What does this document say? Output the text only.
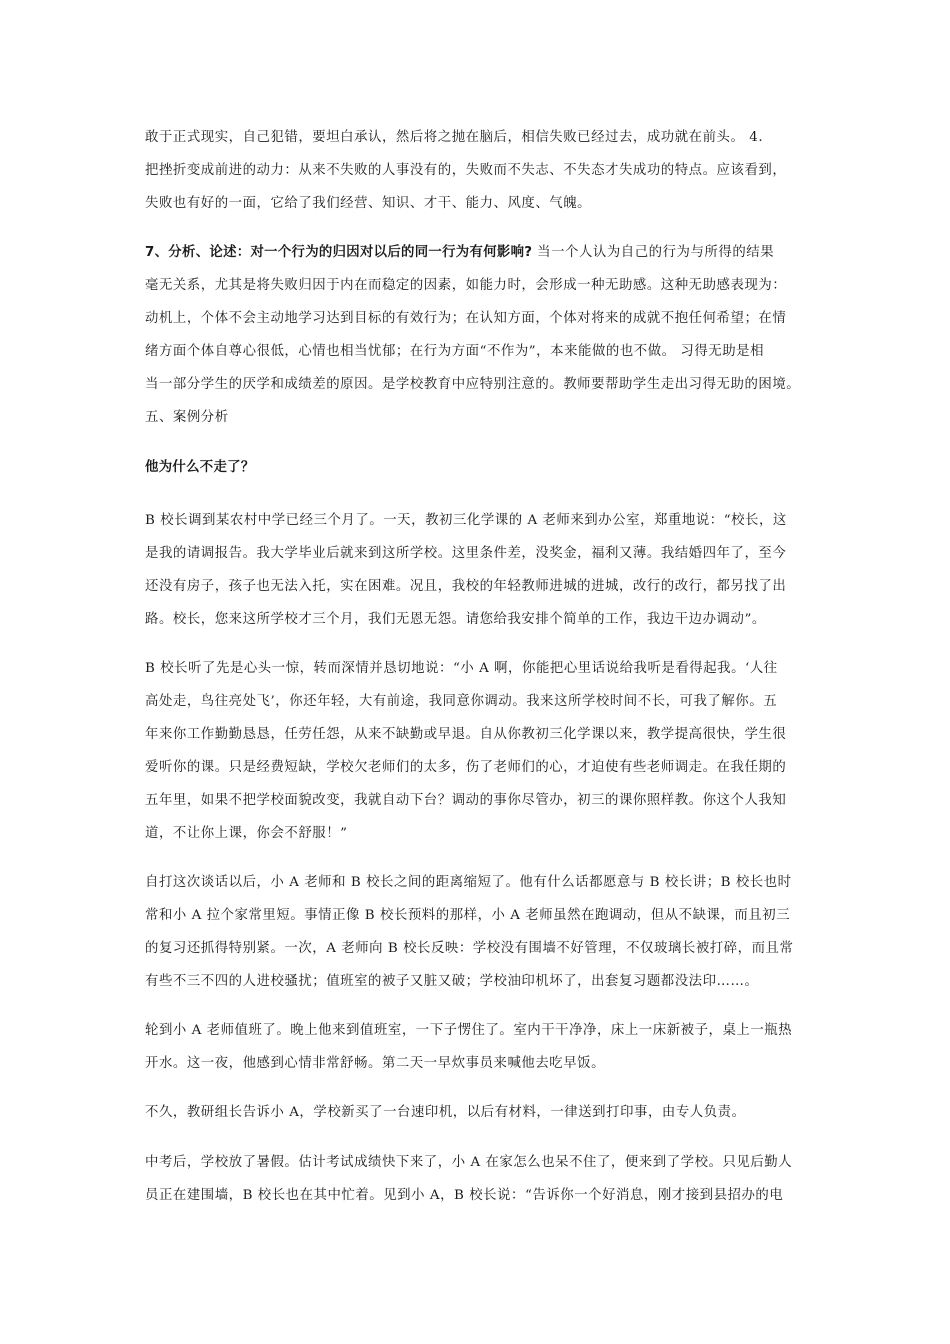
敢于正式现实，自己犯错，要坦白承认，然后将之抛在脑后，相信失败已经过去，成功就在前头。 4.
把挫折变成前进的动力：从来不失败的人事没有的，失败而不失志、不失态才失成功的特点。应该看到，
失败也有好的一面，它给了我们经营、知识、才干、能力、风度、气魄。
7、分析、论述：对一个行为的归因对以后的同一行为有何影响? 当一个人认为自己的行为与所得的结果
毫无关系，尤其是将失败归因于内在而稳定的因素，如能力时，会形成一种无助感。这种无助感表现为：
动机上，个体不会主动地学习达到目标的有效行为；在认知方面，个体对将来的成就不抱任何希望；在情
绪方面个体自尊心很低，心情也相当忧郁；在行为方面“不作为”，本来能做的也不做。 习得无助是相
当一部分学生的厌学和成绩差的原因。是学校教育中应特别注意的。教师要帮助学生走出习得无助的困境。
五、案例分析
他为什么不走了？
B 校长调到某农村中学已经三个月了。一天，教初三化学课的 A 老师来到办公室，郑重地说：“校长，这
是我的请调报告。我大学毕业后就来到这所学校。这里条件差，没奖金，福利又薄。我结婚四年了，至今
还没有房子，孩子也无法入托，实在困难。况且，我校的年轻教师进城的进城，改行的改行，都另找了出
路。校长，您来这所学校才三个月，我们无恩无怨。请您给我安排个简单的工作，我边干边办调动”。
B 校长听了先是心头一惊，转而深情并恳切地说：“小 A 啊，你能把心里话说给我听是看得起我。‘人往
高处走，鸟往亮处飞’，你还年轻，大有前途，我同意你调动。我来这所学校时间不长，可我了解你。五
年来你工作勤勤恳恳，任劳任怨，从来不缺勤或早退。自从你教初三化学课以来，教学提高很快，学生很
爱听你的课。只是经费短缺，学校欠老师们的太多，伤了老师们的心，才迫使有些老师调走。在我任期的
五年里，如果不把学校面貌改变，我就自动下台？调动的事你尽管办，初三的课你照样教。你这个人我知
道，不让你上课，你会不舒服！”
自打这次谈话以后，小 A 老师和 B 校长之间的距离缩短了。他有什么话都愿意与 B 校长讲；B 校长也时
常和小 A 拉个家常里短。事情正像 B 校长预料的那样，小 A 老师虽然在跑调动，但从不缺课，而且初三
的复习还抓得特别紧。一次，A 老师向 B 校长反映：学校没有围墙不好管理，不仅玻璃长被打碎，而且常
有些不三不四的人进校骚扰；值班室的被子又脏又破；学校油印机坏了，出套复习题都没法印……。
轮到小 A 老师值班了。晚上他来到值班室，一下子愣住了。室内干干净净，床上一床新被子，桌上一瓶热
开水。这一夜，他感到心情非常舒畅。第二天一早炊事员来喊他去吃早饭。
不久，教研组长告诉小 A，学校新买了一台速印机，以后有材料，一律送到打印事，由专人负责。
中考后，学校放了暑假。估计考试成绩快下来了，小 A 在家怎么也呆不住了，便来到了学校。只见后勤人
员正在建围墙，B 校长也在其中忙着。见到小 A，B 校长说：“告诉你一个好消息，刚才接到县招办的电
